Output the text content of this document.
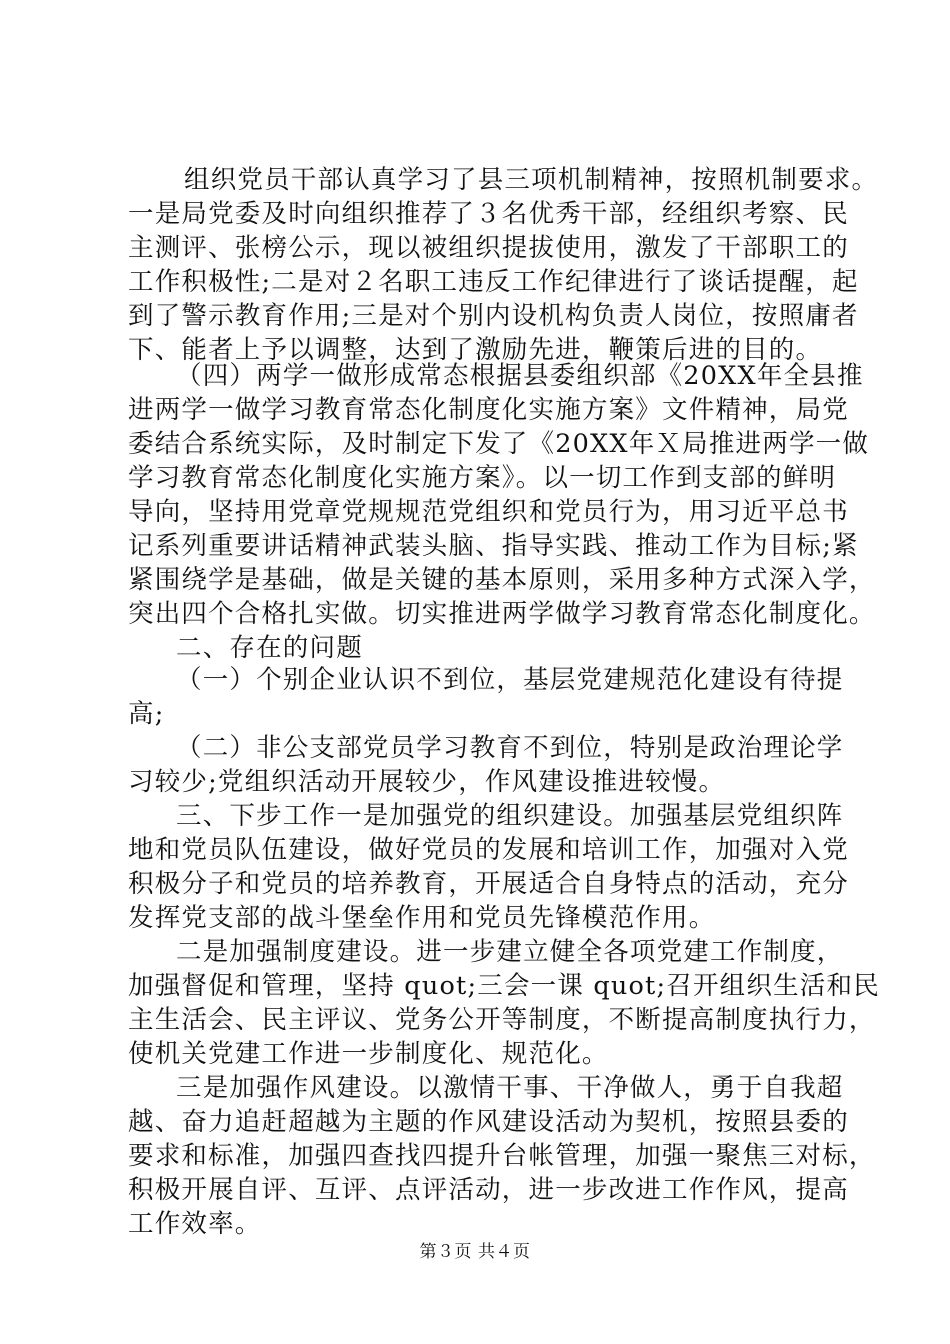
组织党员干部认真学习了县三项机制精神，按照机制要求。
一是局党委及时向组织推荐了３名优秀干部，经组织考察、民
主测评、张榜公示，现以被组织提拔使用，激发了干部职工的
工作积极性;二是对２名职工违反工作纪律进行了谈话提醒，起
到了警示教育作用;三是对个别内设机构负责人岗位，按照庸者
下、能者上予以调整，达到了激励先进，鞭策后进的目的。
（四）两学一做形成常态根据县委组织部《20XX年全县推
进两学一做学习教育常态化制度化实施方案》文件精神，局党
委结合系统实际，及时制定下发了《20XX年Ｘ局推进两学一做
学习教育常态化制度化实施方案》。以一切工作到支部的鲜明
导向，坚持用党章党规规范党组织和党员行为，用习近平总书
记系列重要讲话精神武装头脑、指导实践、推动工作为目标;紧
紧围绕学是基础，做是关键的基本原则，采用多种方式深入学，
突出四个合格扎实做。切实推进两学做学习教育常态化制度化。
二、存在的问题
（一）个别企业认识不到位，基层党建规范化建设有待提
高;
（二）非公支部党员学习教育不到位，特别是政治理论学
习较少;党组织活动开展较少，作风建设推进较慢。
三、下步工作一是加强党的组织建设。加强基层党组织阵
地和党员队伍建设，做好党员的发展和培训工作，加强对入党
积极分子和党员的培养教育，开展适合自身特点的活动，充分
发挥党支部的战斗堡垒作用和党员先锋模范作用。
二是加强制度建设。进一步建立健全各项党建工作制度，
加强督促和管理，坚持 quot;三会一课 quot;召开组织生活和民
主生活会、民主评议、党务公开等制度，不断提高制度执行力，
使机关党建工作进一步制度化、规范化。
三是加强作风建设。以激情干事、干净做人，勇于自我超
越、奋力追赶超越为主题的作风建设活动为契机，按照县委的
要求和标准，加强四查找四提升台帐管理，加强一聚焦三对标，
积极开展自评、互评、点评活动，进一步改进工作作风，提高
工作效率。
第３页 共４页
